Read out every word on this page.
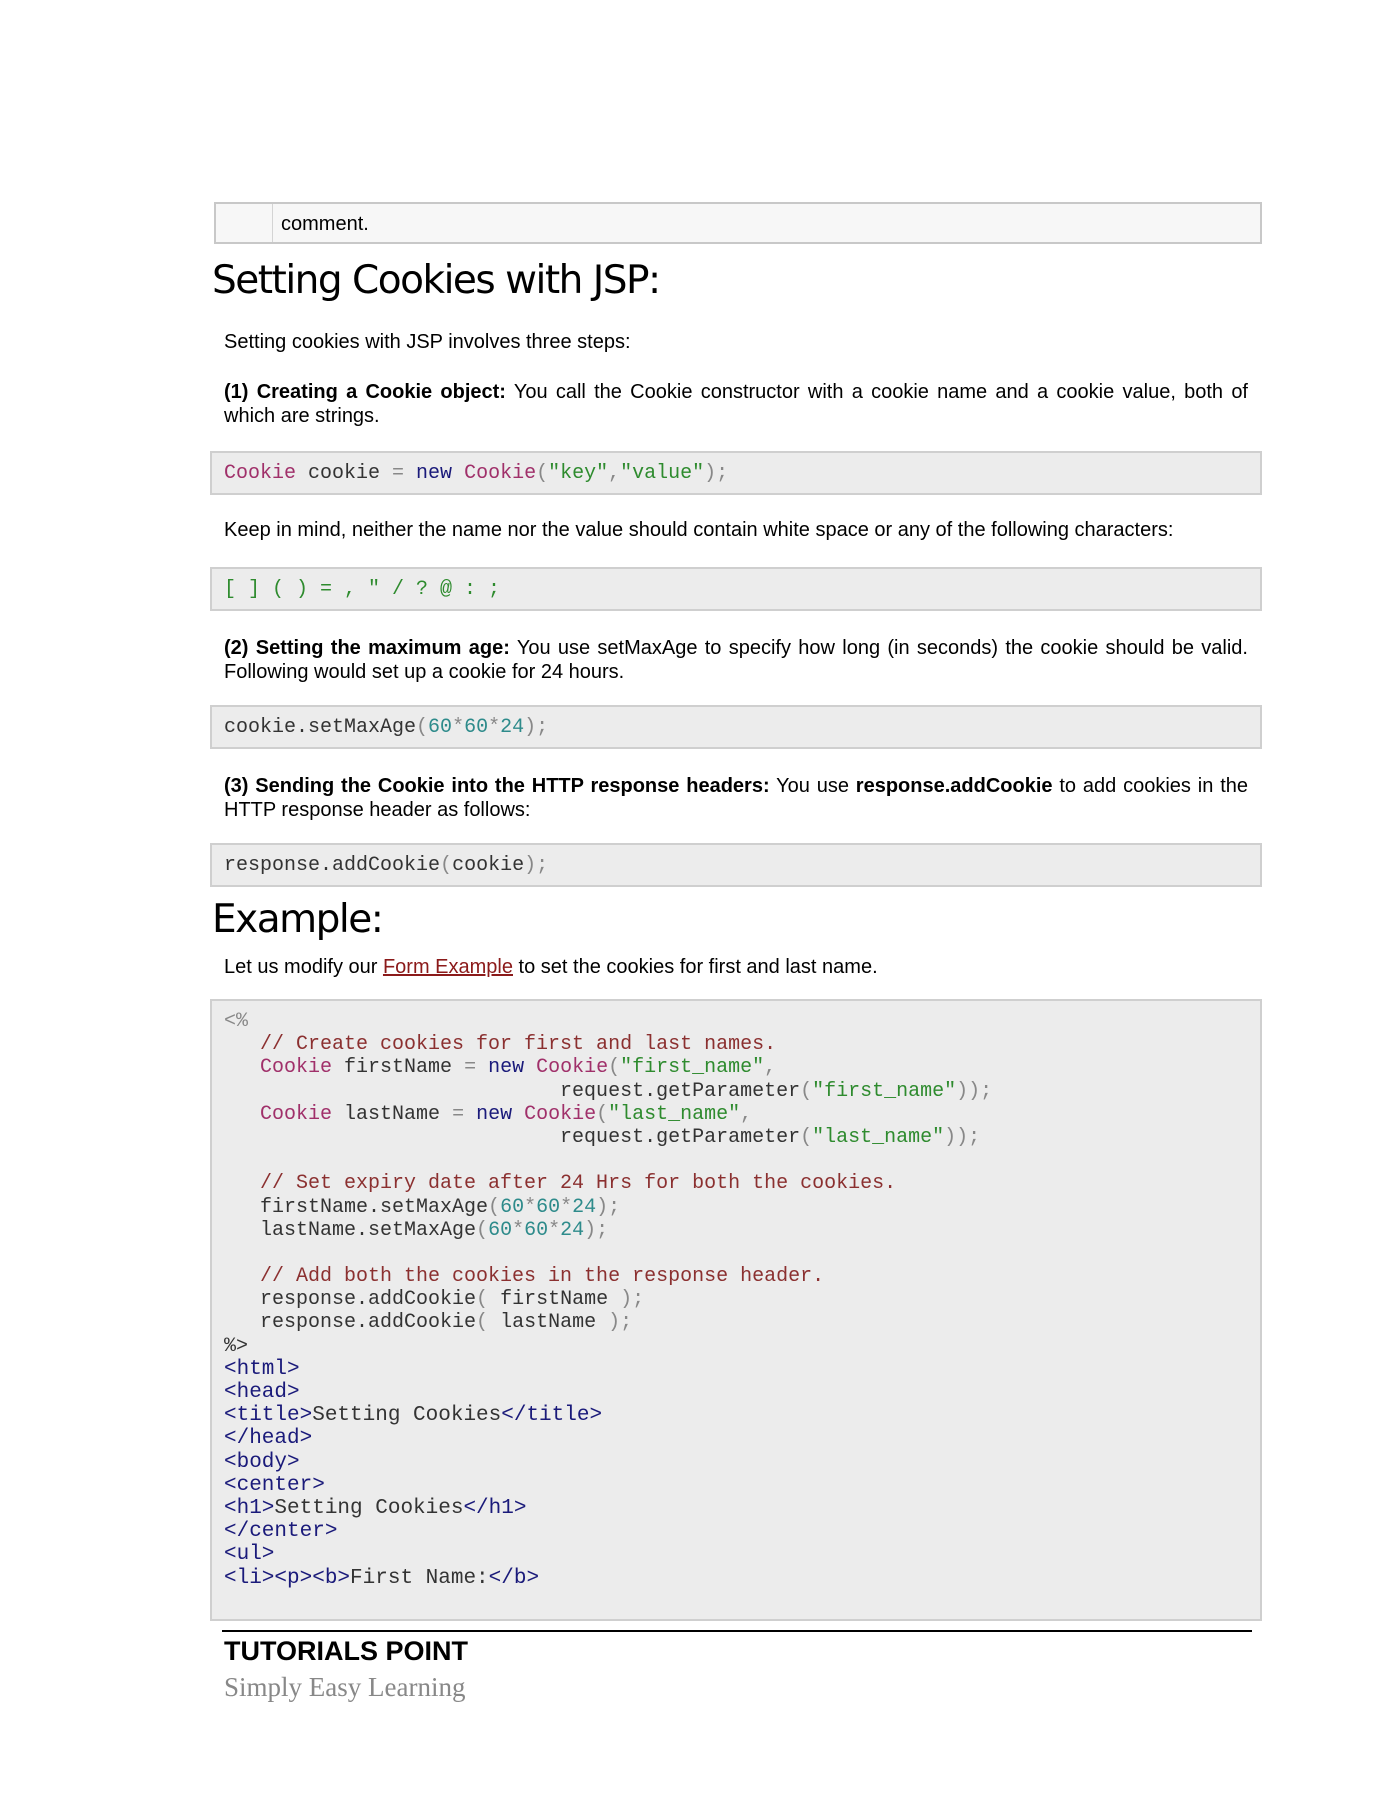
comment.
Setting Cookies with JSP:

Setting cookies with JSP involves three steps:

(1) Creating a Cookie object: You call the Cookie constructor with a cookie name and a cookie value, both of which are strings.

Cookie cookie = new Cookie("key","value");

Keep in mind, neither the name nor the value should contain white space or any of the following characters:

[ ] ( ) = , " / ? @ : ;

(2) Setting the maximum age: You use setMaxAge to specify how long (in seconds) the cookie should be valid. Following would set up a cookie for 24 hours.

cookie.setMaxAge(60*60*24);

(3) Sending the Cookie into the HTTP response headers: You use response.addCookie to add cookies in the HTTP response header as follows:

response.addCookie(cookie);
Example:

Let us modify our Form Example to set the cookies for first and last name.

<%
// Create cookies for first and last names.
Cookie firstName = new Cookie("first_name",
request.getParameter("first_name"));
Cookie lastName = new Cookie("last_name",
request.getParameter("last_name"));
// Set expiry date after 24 Hrs for both the cookies.
firstName.setMaxAge(60*60*24);
lastName.setMaxAge(60*60*24);
// Add both the cookies in the response header.
response.addCookie( firstName );
response.addCookie( lastName );
%>
<html>
<head>
<title>Setting Cookies</title>
</head>
<body>
<center>
<h1>Setting Cookies</h1>
</center>
<ul>
<li><p><b>First Name:</b>

TUTORIALS POINT

Simply Easy Learning
